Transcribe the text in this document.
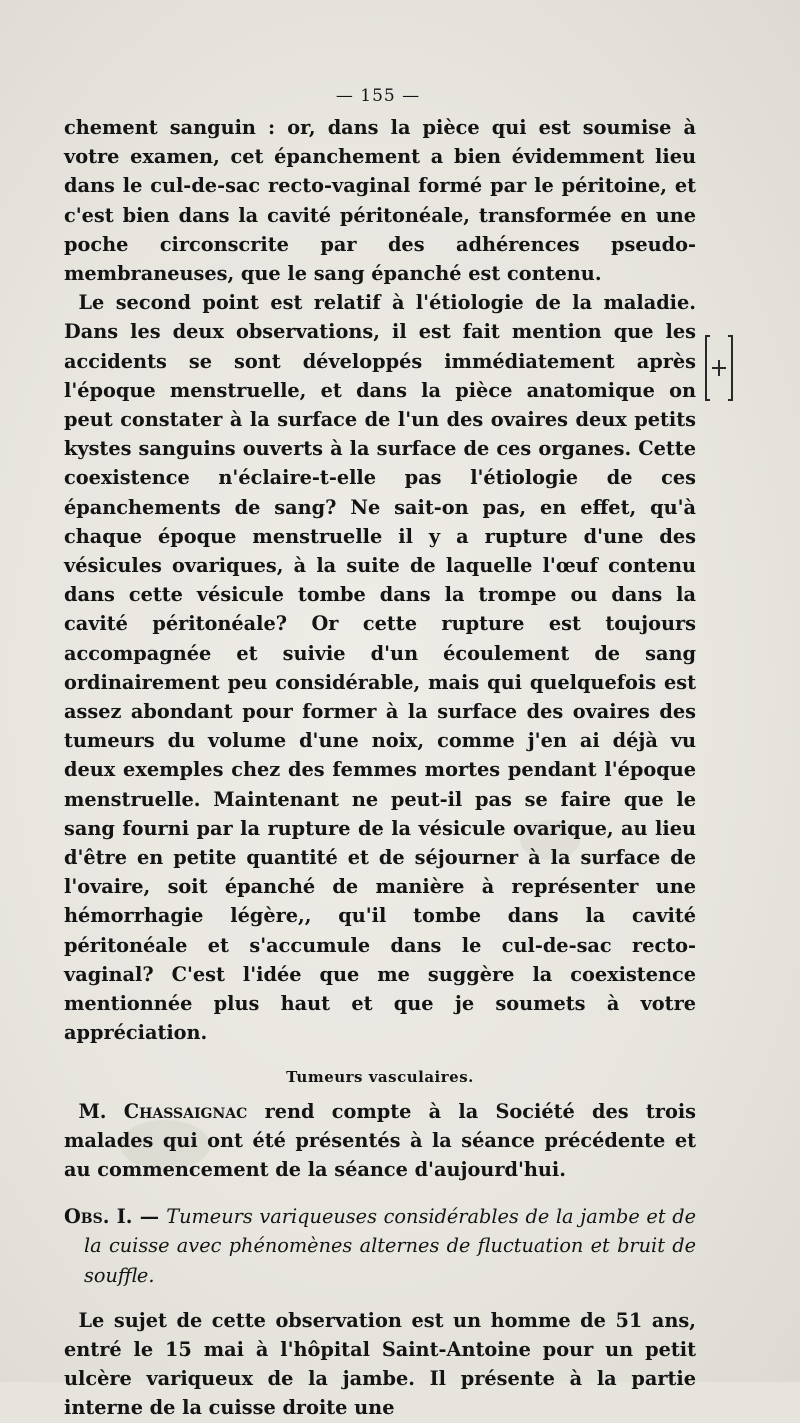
— 155 —

chement sanguin : or, dans la pièce qui est soumise à votre examen, cet épanchement a bien évidemment lieu dans le cul-de-sac recto-vaginal formé par le péritoine, et c'est bien dans la cavité péritonéale, transformée en une poche circonscrite par des adhérences pseudo-membraneuses, que le sang épanché est contenu.

Le second point est relatif à l'étiologie de la maladie. Dans les deux observations, il est fait mention que les accidents se sont développés immédiatement après l'époque menstruelle, et dans la pièce anatomique on peut constater à la surface de l'un des ovaires deux petits kystes sanguins ouverts à la surface de ces organes. Cette coexistence n'éclaire-t-elle pas l'étiologie de ces épanchements de sang? Ne sait-on pas, en effet, qu'à chaque époque menstruelle il y a rupture d'une des vésicules ovariques, à la suite de laquelle l'œuf contenu dans cette vésicule tombe dans la trompe ou dans la cavité péritonéale? Or cette rupture est toujours accompagnée et suivie d'un écoulement de sang ordinairement peu considérable, mais qui quelquefois est assez abondant pour former à la surface des ovaires des tumeurs du volume d'une noix, comme j'en ai déjà vu deux exemples chez des femmes mortes pendant l'époque menstruelle. Maintenant ne peut-il pas se faire que le sang fourni par la rupture de la vésicule ovarique, au lieu d'être en petite quantité et de séjourner à la surface de l'ovaire, soit épanché de manière à représenter une hémorrhagie légère,, qu'il tombe dans la cavité péritonéale et s'accumule dans le cul-de-sac recto-vaginal? C'est l'idée que me suggère la coexistence mentionnée plus haut et que je soumets à votre appréciation.

Tumeurs vasculaires.

M. Chassaignac rend compte à la Société des trois malades qui ont été présentés à la séance précédente et au commencement de la séance d'aujourd'hui.

Obs. I. — Tumeurs variqueuses considérables de la jambe et de la cuisse avec phénomènes alternes de fluctuation et bruit de souffle.

Le sujet de cette observation est un homme de 51 ans, entré le 15 mai à l'hôpital Saint-Antoine pour un petit ulcère variqueux de la jambe. Il présente à la partie interne de la cuisse droite une
